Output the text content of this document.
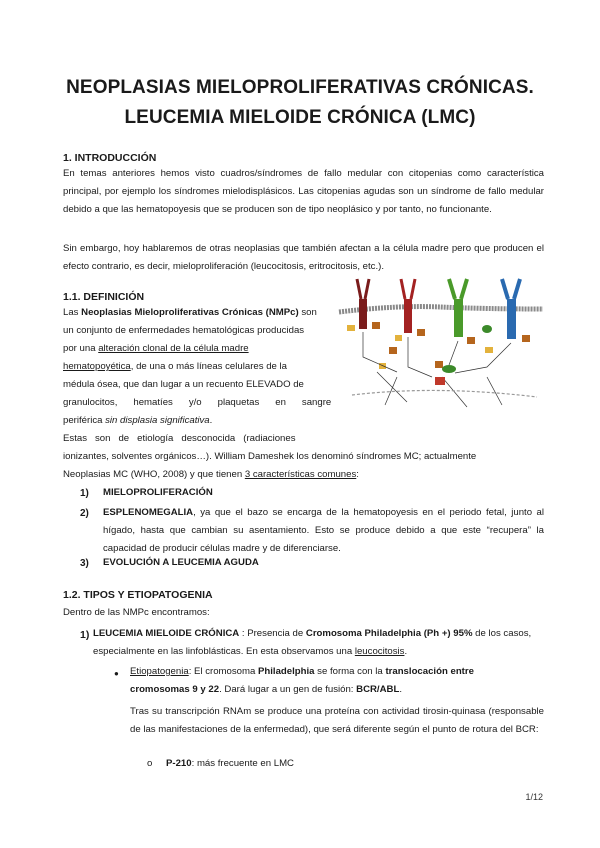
NEOPLASIAS MIELOPROLIFERATIVAS CRÓNICAS.
LEUCEMIA MIELOIDE CRÓNICA (LMC)
1. INTRODUCCIÓN

En temas anteriores hemos visto cuadros/síndromes de fallo medular con citopenias como característica principal, por ejemplo los síndromes mielodisplásicos. Las citopenias agudas son un síndrome de fallo medular debido a que las hematopoyesis que se producen son de tipo neoplásico y por tanto, no funcionante.

Sin embargo, hoy hablaremos de otras neoplasias que también afectan a la célula madre pero que producen el efecto contrario, es decir, mieloproliferación (leucocitosis, eritrocitosis, etc.).

1.1. DEFINICIÓN
Las Neoplasias Mieloproliferativas Crónicas (NMPc) son
un conjunto de enfermedades hematológicas producidas
por una alteración clonal de la célula madre
hematopoyética, de una o más líneas celulares de la
médula ósea, que dan lugar a un recuento ELEVADO de
granulocitos,      hematíes      y/o      plaquetas      en      sangre
periférica sin displasia significativa.
Estas   son   de   etiología   desconocida   (radiaciones
ionizantes, solventes orgánicos…). William Dameshek los denominó síndromes MC; actualmente
Neoplasias MC (WHO, 2008) y que tienen 3 características comunes:
1) MIELOPROLIFERACIÓN
2) ESPLENOMEGALIA, ya que el bazo se encarga de la hematopoyesis en el periodo fetal, junto al hígado, hasta que cambian su asentamiento. Esto se produce debido a que este “recupera” la capacidad de producir células madre y de diferenciarse.
3) EVOLUCIÓN A LEUCEMIA AGUDA
1.2. TIPOS Y ETIOPATOGENIA
Dentro de las NMPc encontramos:
1) LEUCEMIA MIELOIDE CRÓNICA : Presencia de Cromosoma Philadelphia (Ph +) 95% de los casos,
especialmente en las linfoblásticas. En esta observamos una leucocitosis.
● Etiopatogenia: El cromosoma Philadelphia se forma con la translocación entre
cromosomas 9 y 22. Dará lugar a un gen de fusión: BCR/ABL.

Tras su transcripción RNAm se produce una proteína con actividad tirosin-quinasa (responsable de las manifestaciones de la enfermedad), que será diferente según el punto de rotura del BCR:

o P-210: más frecuente en LMC
1/12
